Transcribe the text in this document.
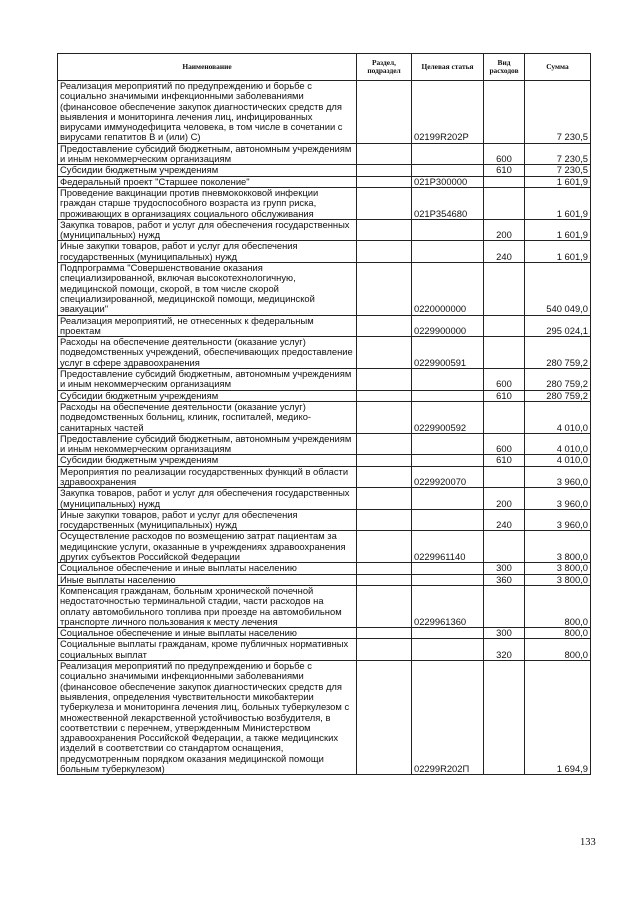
Наименование	Раздел, подраздел	Целевая статья	Вид расходов	Сумма
Реализация мероприятий по предупреждению и борьбе с социально значимыми инфекционными заболеваниями (финансовое обеспечение закупок диагностических средств для выявления и мониторинга лечения лиц, инфицированных вирусами иммунодефицита человека, в том числе в сочетании с вирусами гепатитов В и (или) С)		02199R202P		7 230,5
Предоставление субсидий бюджетным, автономным учреждениям и иным некоммерческим организациям			600	7 230,5
Субсидии бюджетным учреждениям			610	7 230,5
Федеральный проект "Старшее поколение"		021P300000		1 601,9
Проведение вакцинации против пневмококковой инфекции граждан старше трудоспособного возраста из групп риска, проживающих в организациях социального обслуживания		021P354680		1 601,9
Закупка товаров, работ и услуг для обеспечения государственных (муниципальных) нужд			200	1 601,9
Иные закупки товаров, работ и услуг для обеспечения государственных (муниципальных) нужд			240	1 601,9
Подпрограмма "Совершенствование оказания специализированной, включая высокотехнологичную, медицинской помощи, скорой, в том числе скорой специализированной, медицинской помощи, медицинской эвакуации"		0220000000		540 049,0
Реализация мероприятий, не отнесенных к федеральным проектам		0229900000		295 024,1
Расходы на обеспечение деятельности (оказание услуг) подведомственных учреждений, обеспечивающих предоставление услуг в сфере здравоохранения		0229900591		280 759,2
Предоставление субсидий бюджетным, автономным учреждениям и иным некоммерческим организациям			600	280 759,2
Субсидии бюджетным учреждениям			610	280 759,2
Расходы на обеспечение деятельности (оказание услуг) подведомственных больниц, клиник, госпиталей, медико-санитарных частей		0229900592		4 010,0
Предоставление субсидий бюджетным, автономным учреждениям и иным некоммерческим организациям			600	4 010,0
Субсидии бюджетным учреждениям			610	4 010,0
Мероприятия по реализации государственных функций в области здравоохранения		0229920070		3 960,0
Закупка товаров, работ и услуг для обеспечения государственных (муниципальных) нужд			200	3 960,0
Иные закупки товаров, работ и услуг для обеспечения государственных (муниципальных) нужд			240	3 960,0
Осуществление расходов по возмещению затрат пациентам за медицинские услуги, оказанные в учреждениях здравоохранения других субъектов Российской Федерации		0229961140		3 800,0
Социальное обеспечение и иные выплаты населению			300	3 800,0
Иные выплаты населению			360	3 800,0
Компенсация гражданам, больным хронической почечной недостаточностью терминальной стадии, части расходов на оплату автомобильного топлива при проезде на автомобильном транспорте личного пользования к месту лечения		0229961360		800,0
Социальное обеспечение и иные выплаты населению			300	800,0
Социальные выплаты гражданам, кроме публичных нормативных социальных выплат			320	800,0
Реализация мероприятий по предупреждению и борьбе с социально значимыми инфекционными заболеваниями (финансовое обеспечение закупок диагностических средств для выявления, определения чувствительности микобактерии туберкулеза и мониторинга лечения лиц, больных туберкулезом с множественной лекарственной устойчивостью возбудителя, в соответствии с перечнем, утвержденным Министерством здравоохранения Российской Федерации, а также медицинских изделий в соответствии со стандартом оснащения, предусмотренным порядком оказания медицинской помощи больным туберкулезом)		02299R202П		1 694,9
133
